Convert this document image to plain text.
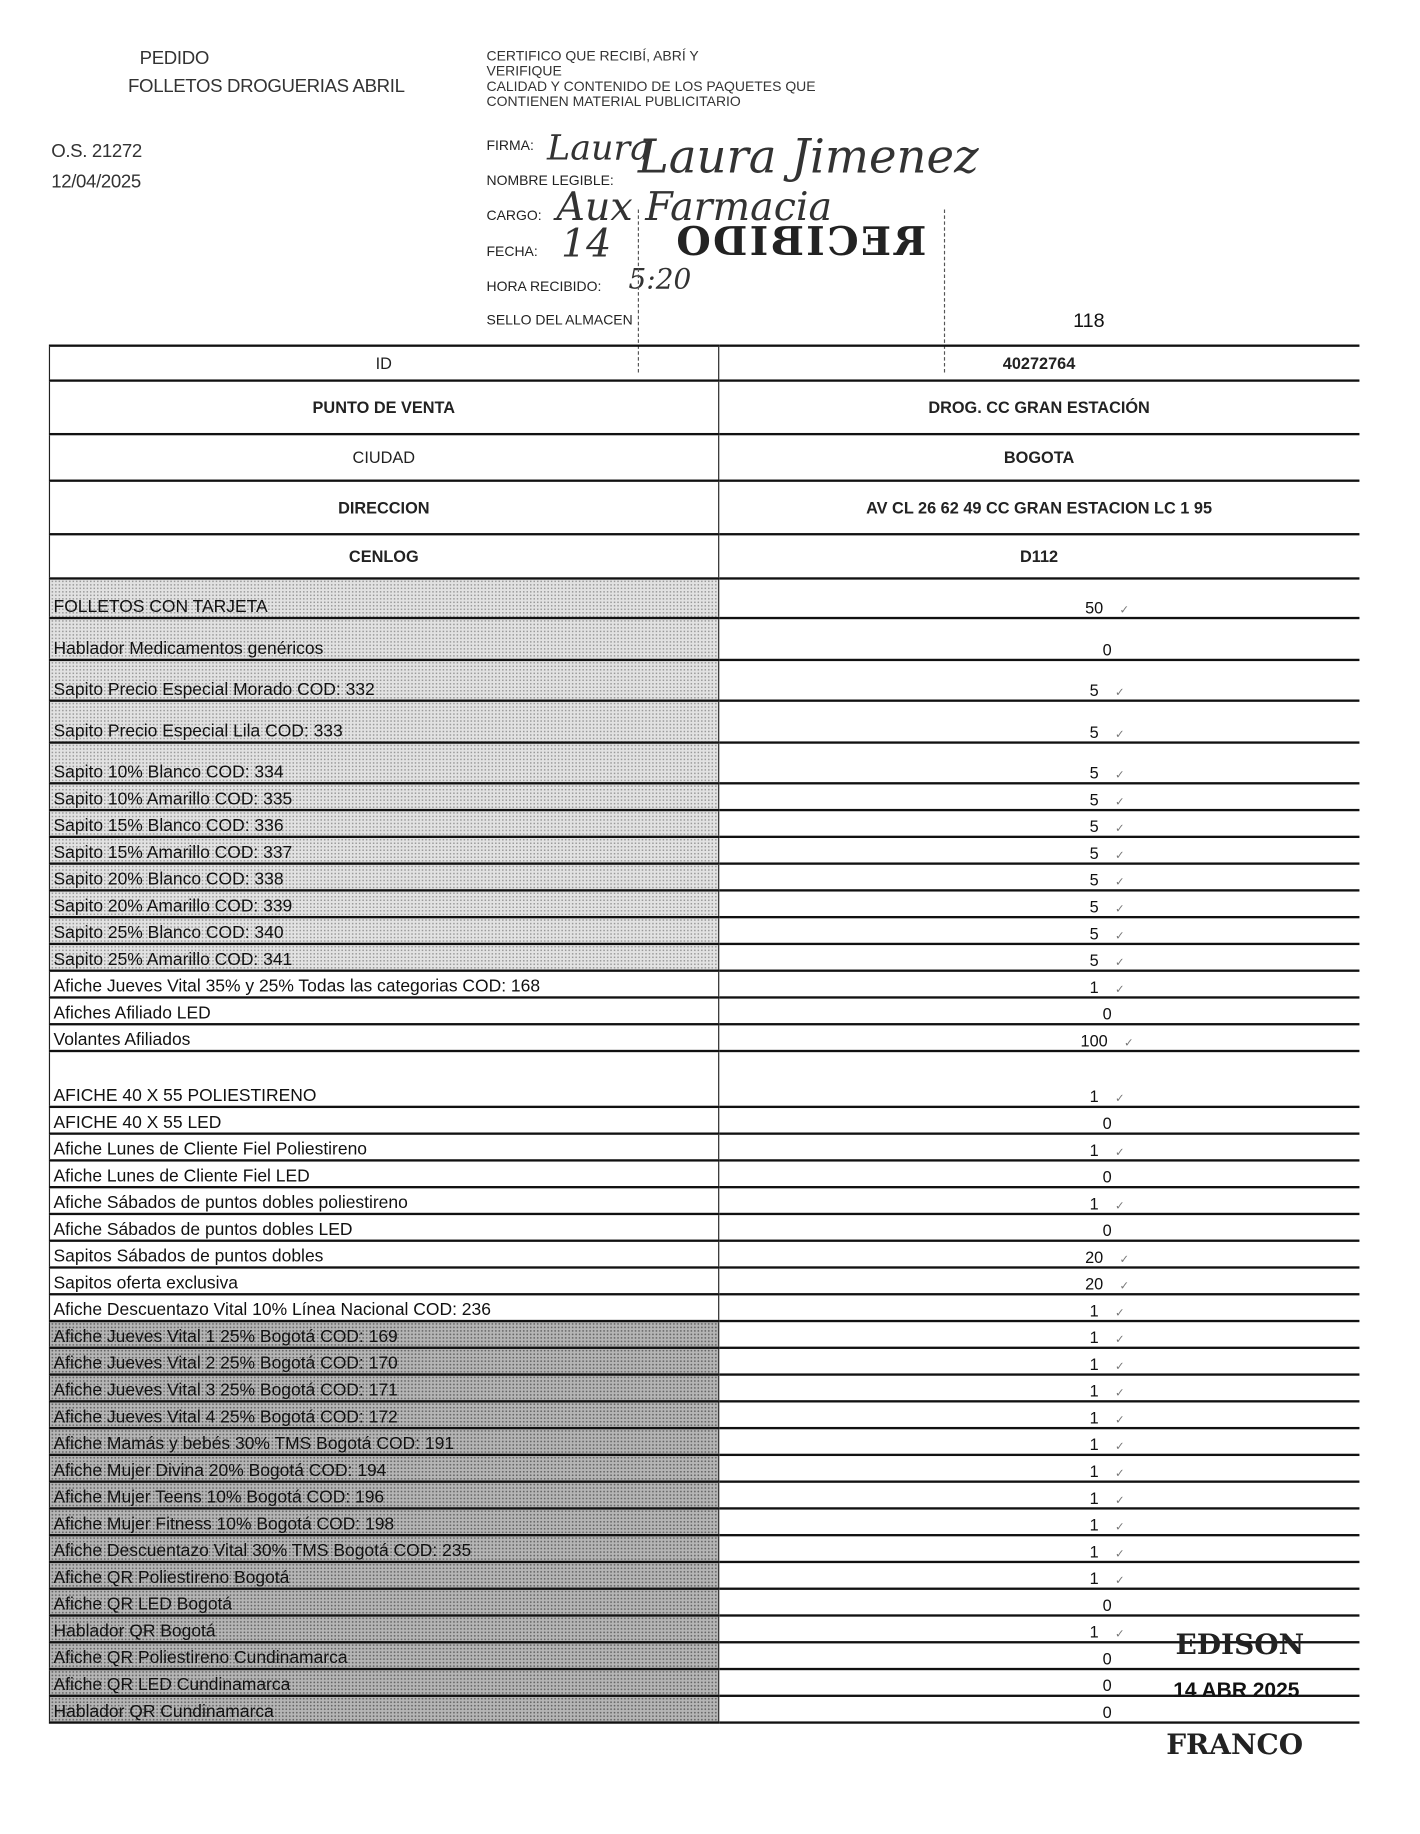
PEDIDO
FOLLETOS DROGUERIAS ABRIL
O.S. 21272
12/04/2025
CERTIFICO QUE RECIBÍ, ABRÍ Y
VERIFIQUE
CALIDAD Y CONTENIDO DE LOS PAQUETES QUE
CONTIENEN MATERIAL PUBLICITARIO
FIRMA: Laura
NOMBRE LEGIBLE: Laura Jimenez
CARGO: Aux Farmacia
FECHA: 14
HORA RECIBIDO: 5:20
SELLO DEL ALMACEN
RECIBIDO
118
ID	40272764
PUNTO DE VENTA	DROG. CC GRAN ESTACIÓN
CIUDAD	BOGOTA
DIRECCION	AV CL 26 62 49 CC GRAN ESTACION LC 1 95
CENLOG	D112
FOLLETOS CON TARJETA	50 ✓
Hablador Medicamentos genéricos	0
Sapito Precio Especial Morado COD: 332	5 ✓
Sapito Precio Especial Lila COD: 333	5 ✓
Sapito 10% Blanco COD: 334	5 ✓
Sapito 10% Amarillo COD: 335	5 ✓
Sapito 15% Blanco COD: 336	5 ✓
Sapito 15% Amarillo COD: 337	5 ✓
Sapito 20% Blanco COD: 338	5 ✓
Sapito 20% Amarillo COD: 339	5 ✓
Sapito 25% Blanco COD: 340	5 ✓
Sapito 25% Amarillo COD: 341	5 ✓
Afiche Jueves Vital 35% y 25% Todas las categorias COD: 168	1 ✓
Afiches Afiliado LED	0
Volantes Afiliados	100 ✓
AFICHE 40 X 55 POLIESTIRENO	1 ✓
AFICHE 40 X 55 LED	0
Afiche Lunes de Cliente Fiel Poliestireno	1 ✓
Afiche Lunes de Cliente Fiel LED	0
Afiche Sábados de puntos dobles poliestireno	1 ✓
Afiche Sábados de puntos dobles LED	0
Sapitos Sábados de puntos dobles	20 ✓
Sapitos oferta exclusiva	20 ✓
Afiche Descuentazo Vital 10% Línea Nacional COD: 236	1 ✓
Afiche Jueves Vital 1 25% Bogotá COD: 169	1 ✓
Afiche Jueves Vital 2 25% Bogotá COD: 170	1 ✓
Afiche Jueves Vital 3 25% Bogotá COD: 171	1 ✓
Afiche Jueves Vital 4 25% Bogotá COD: 172	1 ✓
Afiche Mamás y bebés 30% TMS Bogotá COD: 191	1 ✓
Afiche Mujer Divina 20% Bogotá COD: 194	1 ✓
Afiche Mujer Teens 10% Bogotá COD: 196	1 ✓
Afiche Mujer Fitness 10% Bogotá COD: 198	1 ✓
Afiche Descuentazo Vital 30% TMS Bogotá COD: 235	1 ✓
Afiche QR Poliestireno Bogotá	1 ✓
Afiche QR LED Bogotá	0
Hablador QR Bogotá	1 ✓
Afiche QR Poliestireno Cundinamarca	0
Afiche QR LED Cundinamarca	0
Hablador QR Cundinamarca	0
EDISON
14 ABR 2025
FRANCO
